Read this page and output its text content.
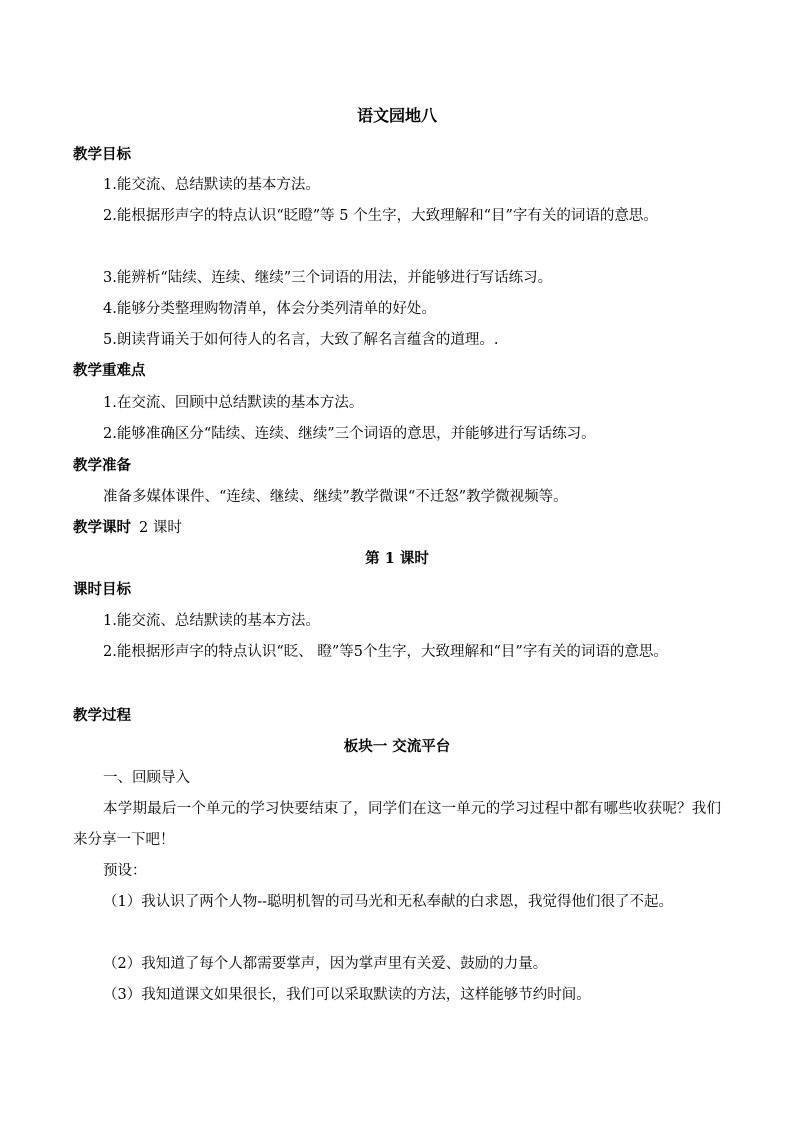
语文园地八
教学目标
1.能交流、总结默读的基本方法。
2.能根据形声字的特点认识“眨瞪”等 5 个生字，大致理解和“目”字有关的词语的意思。
3.能辨析“陆续、连续、继续”三个词语的用法，并能够进行写话练习。
4.能够分类整理购物清单，体会分类列清单的好处。
5.朗读背诵关于如何待人的名言，大致了解名言蕴含的道理。.
教学重难点
1.在交流、回顾中总结默读的基本方法。
2.能够准确区分“陆续、连续、继续”三个词语的意思，并能够进行写话练习。
教学准备
准备多媒体课件、“连续、继续、继续”教学微课“不迁怒”教学微视频等。
教学课时 2 课时
第 1 课时
课时目标
1.能交流、总结默读的基本方法。
2.能根据形声字的特点认识“眨、 瞪”等5个生字，大致理解和“目”字有关的词语的意思。
教学过程
板块一 交流平台
一、回顾导入
本学期最后一个单元的学习快要结束了，同学们在这一单元的学习过程中都有哪些收获呢？我们来分享一下吧！
预设：
（1）我认识了两个人物--聪明机智的司马光和无私奉献的白求恩，我觉得他们很了不起。
（2）我知道了每个人都需要掌声，因为掌声里有关爱、鼓励的力量。
（3）我知道课文如果很长，我们可以采取默读的方法，这样能够节约时间。
